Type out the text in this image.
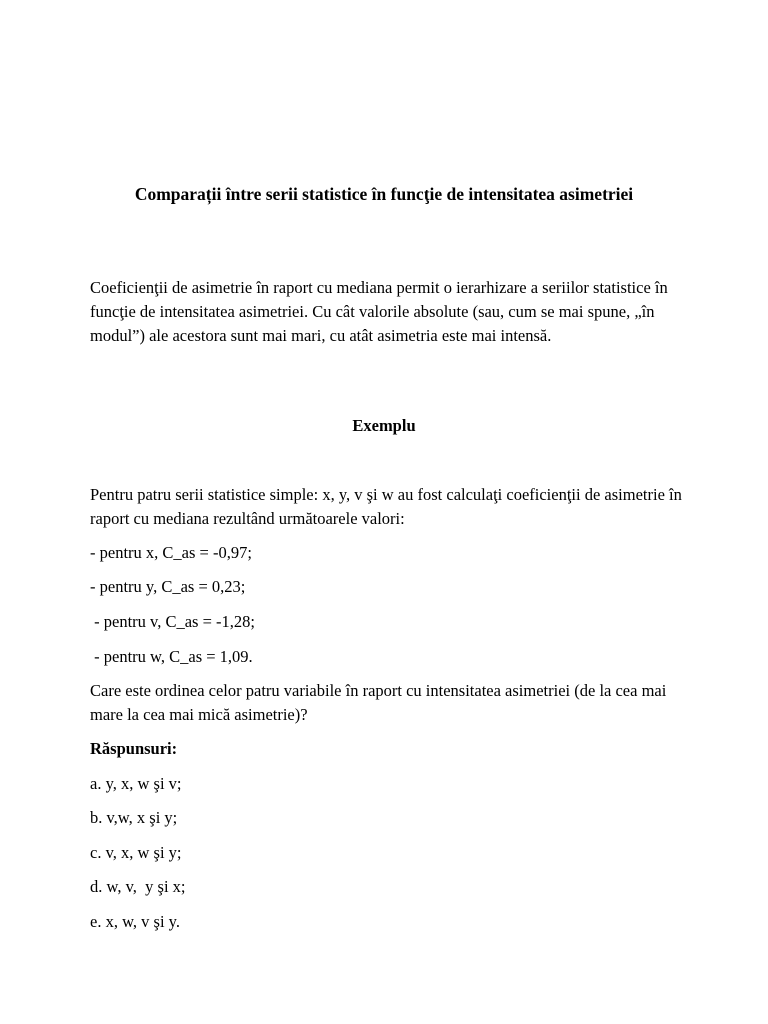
Comparații între serii statistice în funcţie de intensitatea asimetriei
Coeficienţii de asimetrie în raport cu mediana permit o ierarhizare a seriilor statistice în funcţie de intensitatea asimetriei. Cu cât valorile absolute (sau, cum se mai spune, „în modul”) ale acestora sunt mai mari, cu atât asimetria este mai intensă.
Exemplu
Pentru patru serii statistice simple: x, y, v şi w au fost calculaţi coeficienţii de asimetrie în raport cu mediana rezultând următoarele valori:
- pentru x, C_as = -0,97;
- pentru y, C_as = 0,23;
- pentru v, C_as = -1,28;
- pentru w, C_as = 1,09.
Care este ordinea celor patru variabile în raport cu intensitatea asimetriei (de la cea mai mare la cea mai mică asimetrie)?
Răspunsuri:
a. y, x, w şi v;
b. v,w, x şi y;
c. v, x, w şi y;
d. w, v,  y şi x;
e. x, w, v şi y.
